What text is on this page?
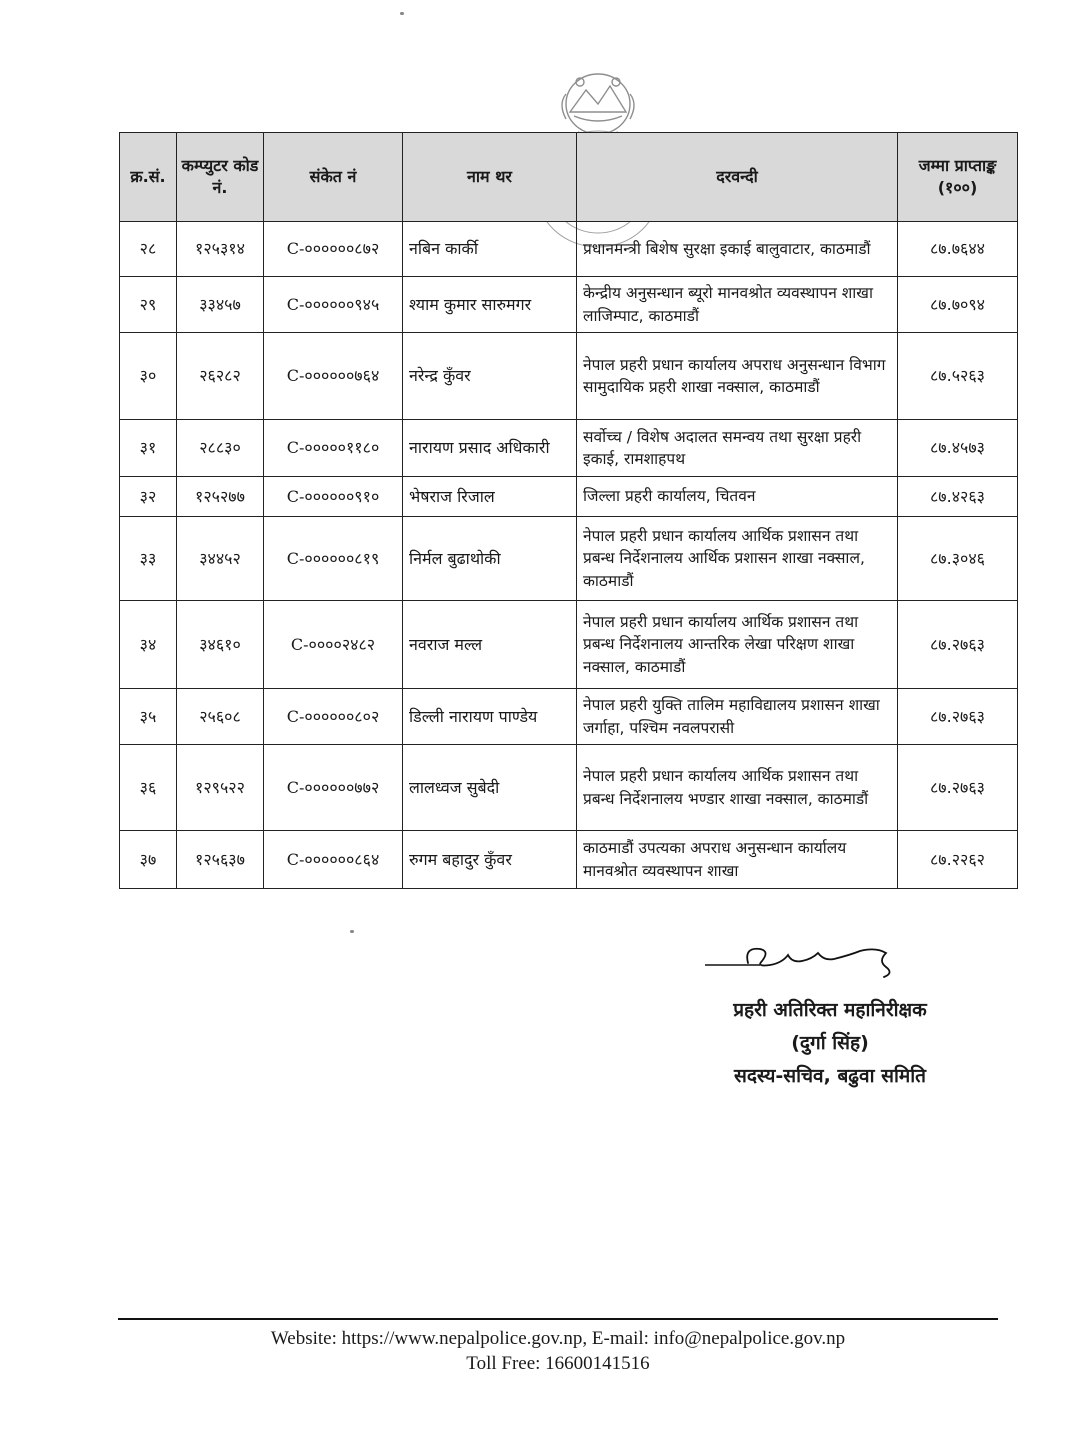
क्र.सं.	कम्प्युटर कोड नं.	संकेत नं	नाम थर	दरवन्दी	जम्मा प्राप्ताङ्क (१००)
२८	१२५३१४	C-००००००८७२	नबिन कार्की	प्रधानमन्त्री बिशेष सुरक्षा इकाई बालुवाटार, काठमाडौं	८७.७६४४
२९	३३४५७	C-००००००९४५	श्याम कुमार सारुमगर	केन्द्रीय अनुसन्धान ब्यूरो मानवश्रोत व्यवस्थापन शाखा लाजिम्पाट, काठमाडौं	८७.७०९४
३०	२६२८२	C-००००००७६४	नरेन्द्र कुँवर	नेपाल प्रहरी प्रधान कार्यालय अपराध अनुसन्धान विभाग सामुदायिक प्रहरी शाखा नक्साल, काठमाडौं	८७.५२६३
३१	२८८३०	C-०००००११८०	नारायण प्रसाद अधिकारी	सर्वोच्च / विशेष अदालत समन्वय तथा सुरक्षा प्रहरी इकाई, रामशाहपथ	८७.४५७३
३२	१२५२७७	C-००००००९१०	भेषराज रिजाल	जिल्ला प्रहरी कार्यालय, चितवन	८७.४२६३
३३	३४४५२	C-००००००८१९	निर्मल बुढाथोकी	नेपाल प्रहरी प्रधान कार्यालय आर्थिक प्रशासन तथा प्रबन्ध निर्देशनालय आर्थिक प्रशासन शाखा नक्साल, काठमाडौं	८७.३०४६
३४	३४६१०	C-००००२४८२	नवराज मल्ल	नेपाल प्रहरी प्रधान कार्यालय आर्थिक प्रशासन तथा प्रबन्ध निर्देशनालय आन्तरिक लेखा परिक्षण शाखा नक्साल, काठमाडौं	८७.२७६३
३५	२५६०८	C-००००००८०२	डिल्ली नारायण पाण्डेय	नेपाल प्रहरी युक्ति तालिम महाविद्यालय प्रशासन शाखा जर्गाहा, पश्चिम नवलपरासी	८७.२७६३
३६	१२९५२२	C-००००००७७२	लालध्वज सुबेदी	नेपाल प्रहरी प्रधान कार्यालय आर्थिक प्रशासन तथा प्रबन्ध निर्देशनालय भण्डार शाखा नक्साल, काठमाडौं	८७.२७६३
३७	१२५६३७	C-००००००८६४	रुगम बहादुर कुँवर	काठमाडौं उपत्यका अपराध अनुसन्धान कार्यालय मानवश्रोत व्यवस्थापन शाखा	८७.२२६२
प्रहरी अतिरिक्त महानिरीक्षक
(दुर्गा सिंह)
सदस्य-सचिव, बढुवा समिति
Website: https://www.nepalpolice.gov.np, E-mail: info@nepalpolice.gov.np
Toll Free: 16600141516
